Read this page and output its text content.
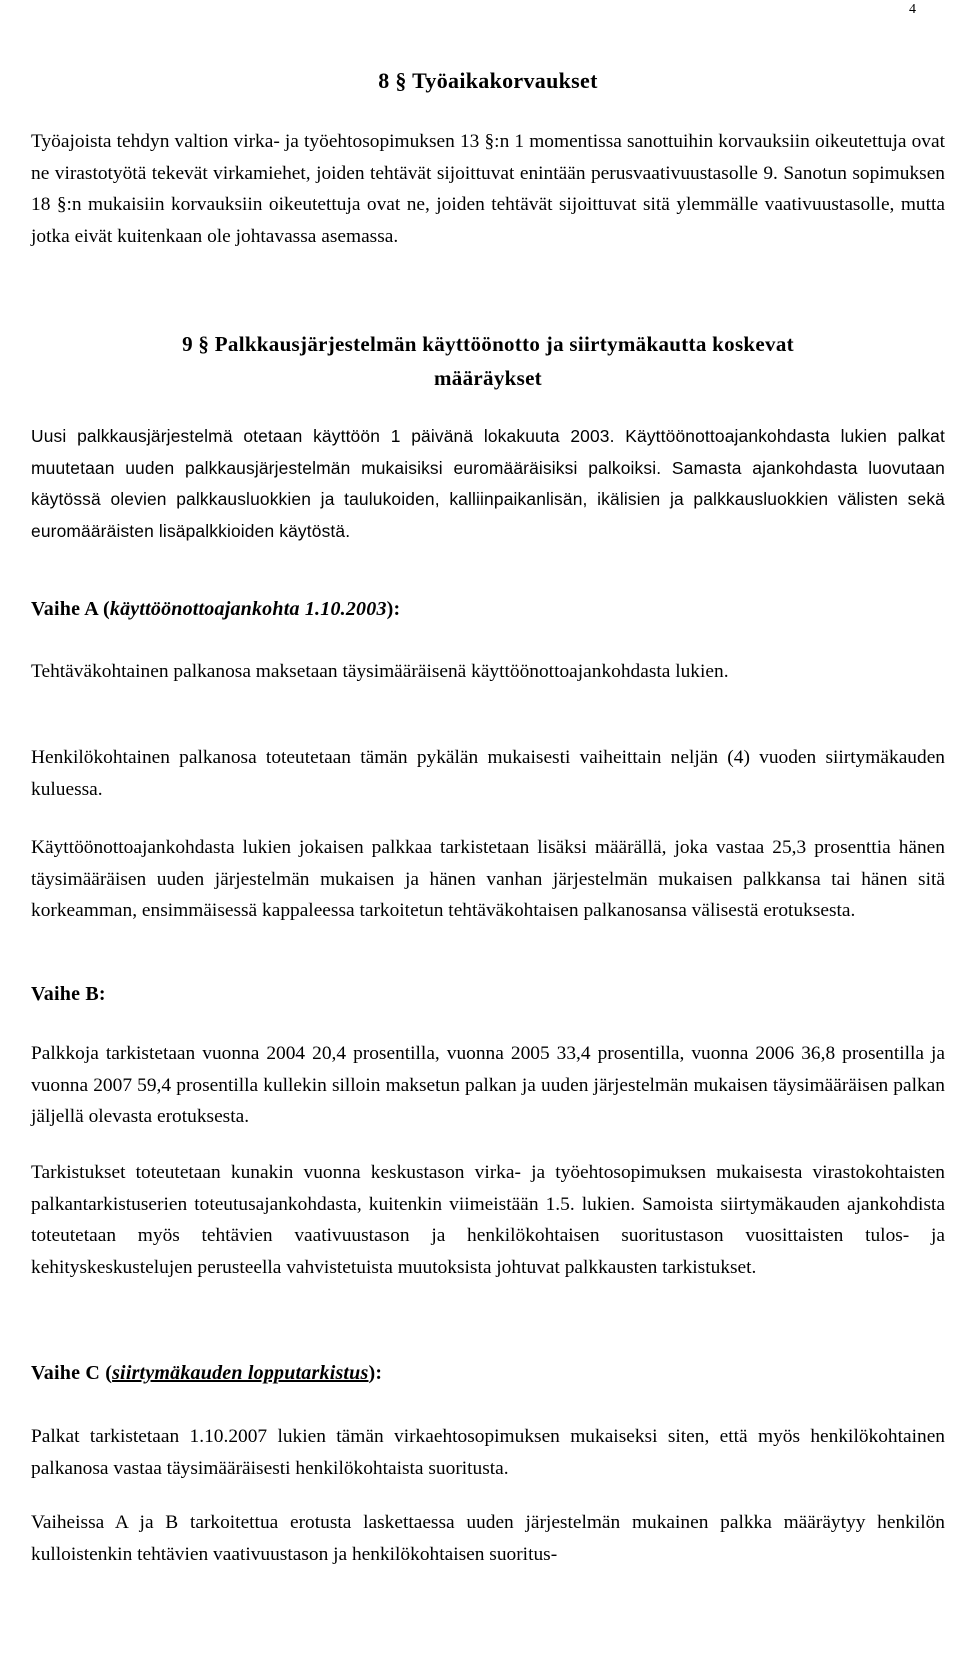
4
8 § Työaikakorvaukset

Työajoista tehdyn valtion virka- ja työehtosopimuksen 13 §:n 1 momentissa sanottuihin korvauksiin oikeutettuja ovat ne virastotyötä tekevät virkamiehet, joiden tehtävät sijoittuvat enintään perusvaativuustasolle 9. Sanotun sopimuksen 18 §:n mukaisiin korvauksiin oikeutettuja ovat ne, joiden tehtävät sijoittuvat sitä ylemmälle vaativuustasolle, mutta jotka eivät kuitenkaan ole johtavassa asemassa.

9 § Palkkausjärjestelmän käyttöönotto ja siirtymäkautta koskevat
määräykset

Uusi palkkausjärjestelmä otetaan käyttöön 1 päivänä lokakuuta 2003. Käyttöönottoajankohdasta lukien palkat muutetaan uuden palkkausjärjestelmän mukaisiksi euromääräisiksi palkoiksi. Samasta ajankohdasta luovutaan käytössä olevien palkkausluokkien ja taulukoiden, kalliinpaikanlisän, ikälisien ja palkkausluokkien välisten sekä euromääräisten lisäpalkkioiden käytöstä.

Vaihe A (käyttöönottoajankohta 1.10.2003):

Tehtäväkohtainen palkanosa maksetaan täysimääräisenä käyttöönottoajankohdasta lukien.

Henkilökohtainen palkanosa toteutetaan tämän pykälän mukaisesti vaiheittain neljän (4) vuoden siirtymäkauden kuluessa.

Käyttöönottoajankohdasta lukien jokaisen palkkaa tarkistetaan lisäksi määrällä, joka vastaa 25,3 prosenttia hänen täysimääräisen uuden järjestelmän mukaisen ja hänen vanhan järjestelmän mukaisen palkkansa tai hänen sitä korkeamman, ensimmäisessä kappaleessa tarkoitetun tehtäväkohtaisen palkanosansa välisestä erotuksesta.

Vaihe B:

Palkkoja tarkistetaan vuonna 2004 20,4 prosentilla, vuonna 2005 33,4 prosentilla, vuonna 2006 36,8 prosentilla ja vuonna 2007 59,4 prosentilla kullekin silloin maksetun palkan ja uuden järjestelmän mukaisen täysimääräisen palkan jäljellä olevasta erotuksesta.

Tarkistukset toteutetaan kunakin vuonna keskustason virka- ja työehtosopimuksen mukaisesta virastokohtaisten palkantarkistuserien toteutusajankohdasta, kuitenkin viimeistään 1.5. lukien. Samoista siirtymäkauden ajankohdista toteutetaan myös tehtävien vaativuustason ja henkilökohtaisen suoritustason vuosittaisten tulos- ja kehityskeskustelujen perusteella vahvistetuista muutoksista johtuvat palkkausten tarkistukset.

Vaihe C (siirtymäkauden lopputarkistus):

Palkat tarkistetaan 1.10.2007 lukien tämän virkaehtosopimuksen mukaiseksi siten, että myös henkilökohtainen palkanosa vastaa täysimääräisesti henkilökohtaista suoritusta.

Vaiheissa A ja B tarkoitettua erotusta laskettaessa uuden järjestelmän mukainen palkka määräytyy henkilön kulloistenkin tehtävien vaativuustason ja henkilökohtaisen suoritus-
